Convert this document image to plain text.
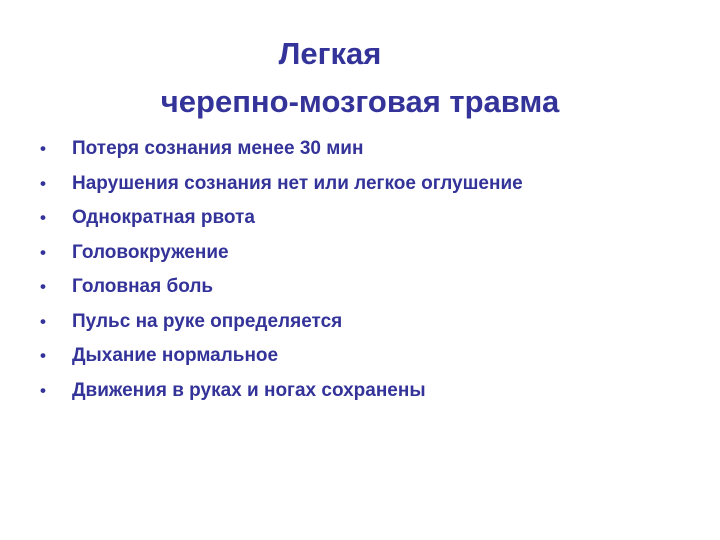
Легкая
черепно-мозговая травма
•	Потеря сознания менее 30 мин
•	Нарушения сознания нет или легкое оглушение
•	Однократная рвота
•	Головокружение
•	Головная боль
•	Пульс на руке определяется
•	Дыхание нормальное
•	Движения в руках и ногах сохранены
